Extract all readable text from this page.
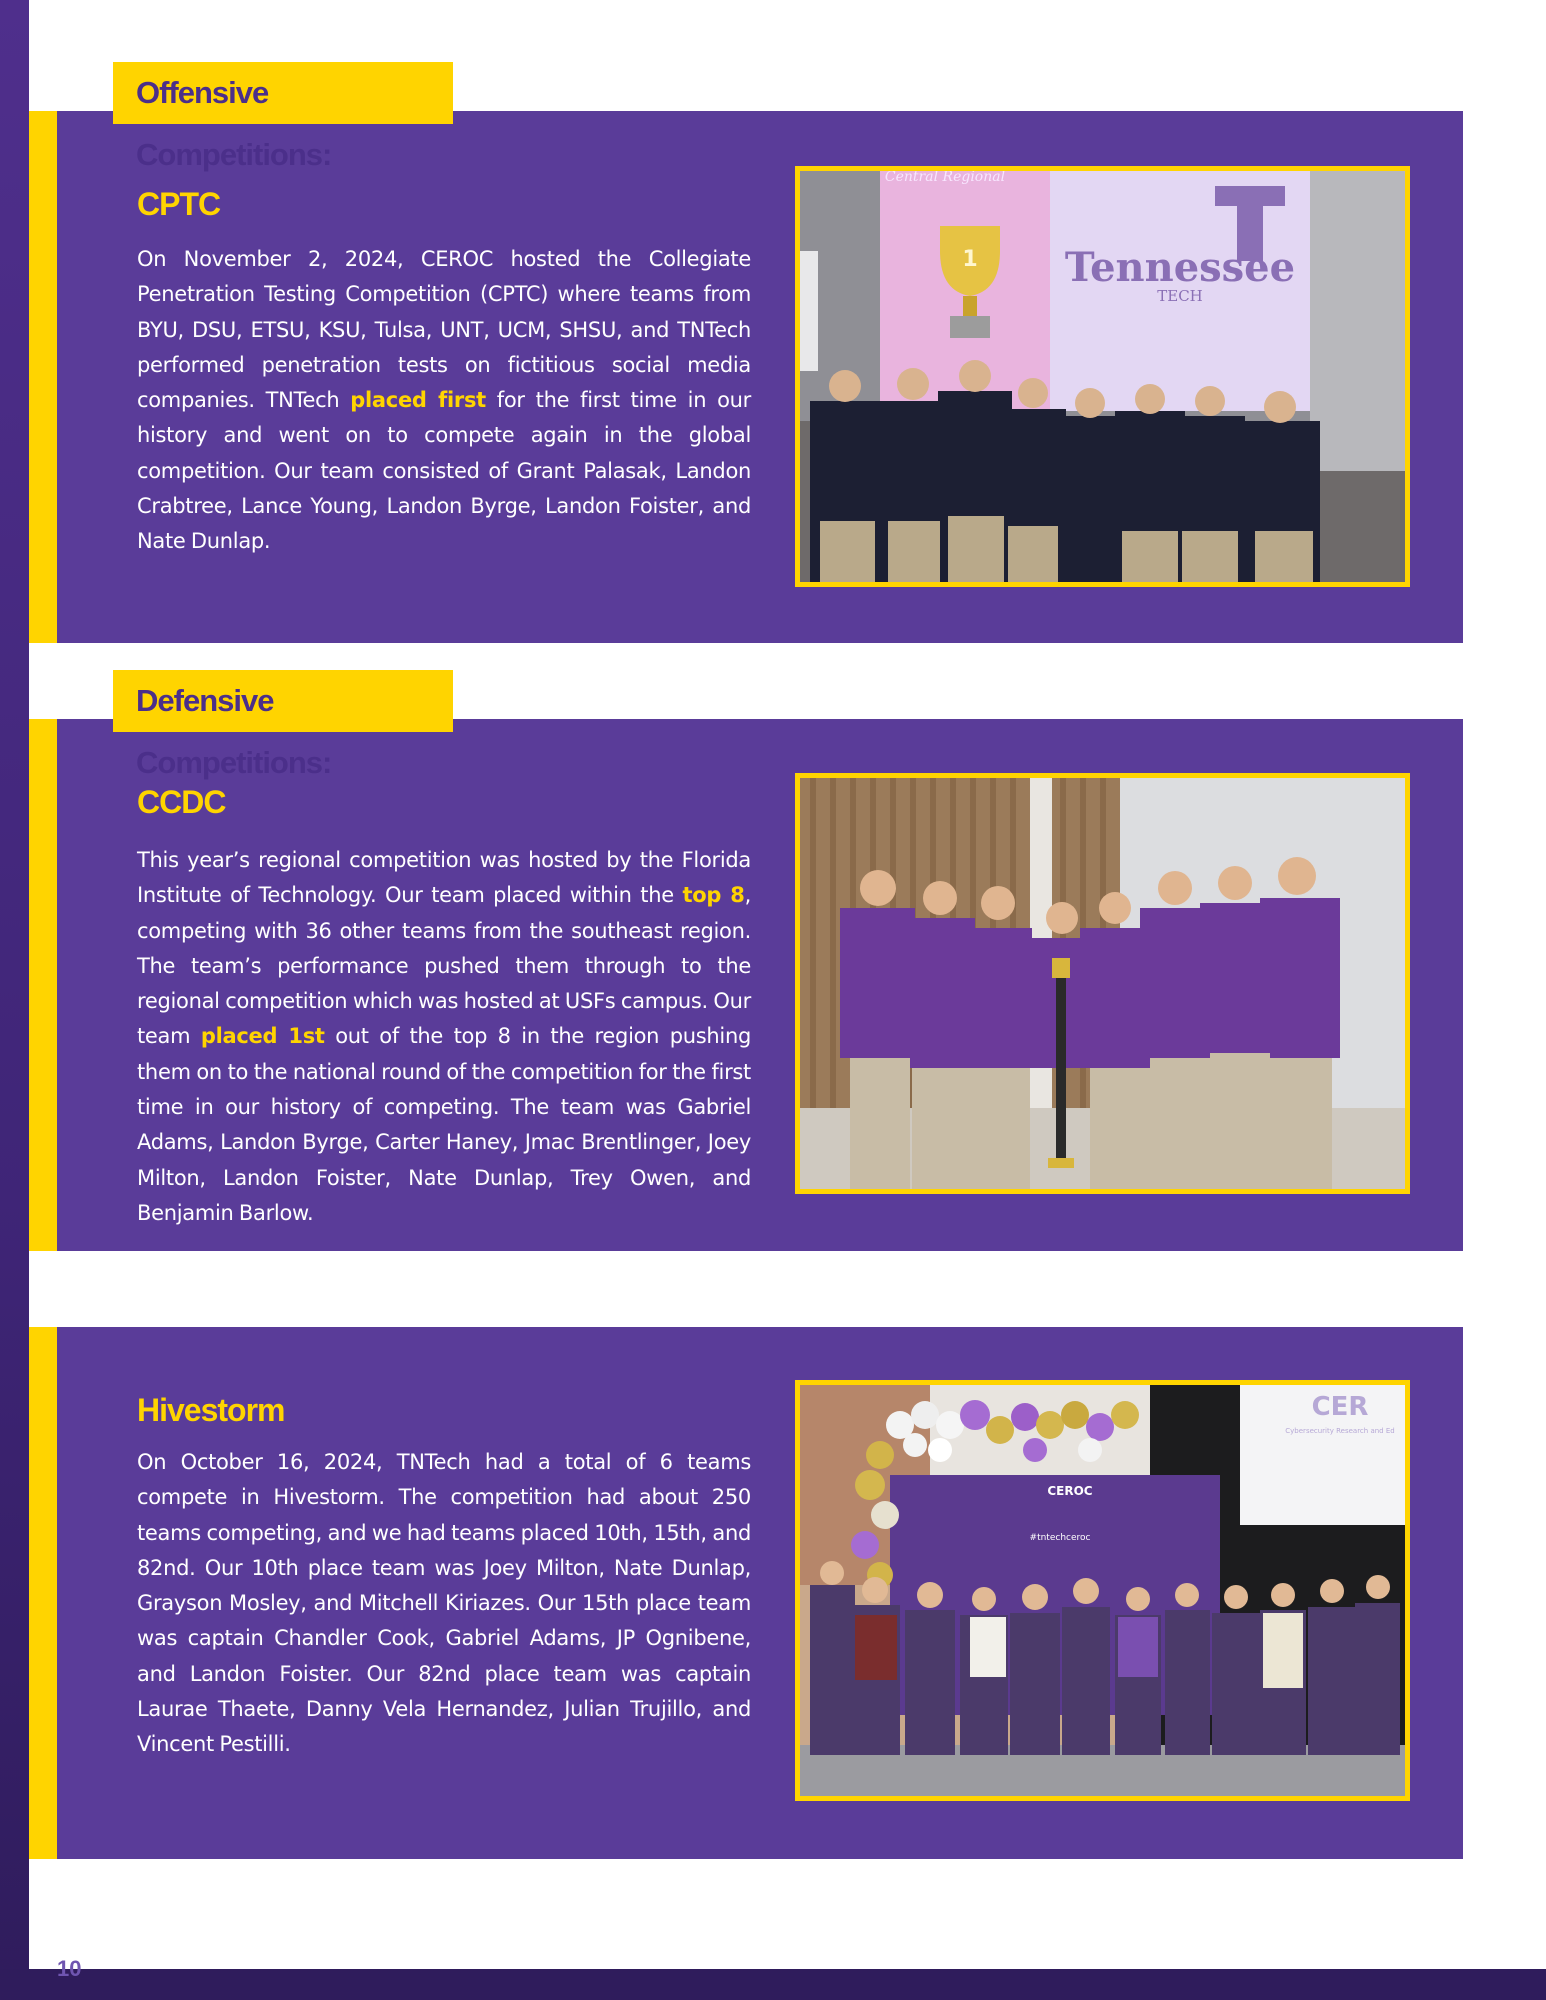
Offensive Competitions:
CPTC
On November 2, 2024, CEROC hosted the Collegiate Penetration Testing Competition (CPTC) where teams from BYU, DSU, ETSU, KSU, Tulsa, UNT, UCM, SHSU, and TNTech performed penetration tests on fictitious social media companies. TNTech placed first for the first time in our history and went on to compete again in the global competition. Our team consisted of Grant Palasak, Landon Crabtree, Lance Young, Landon Byrge, Landon Foister, and Nate Dunlap.
Central Regional
1 Tennessee
TECH
Defensive Competitions:
CCDC
This year’s regional competition was hosted by the Florida Institute of Technology. Our team placed within the top 8, competing with 36 other teams from the southeast region. The team’s performance pushed them through to the regional competition which was hosted at USFs campus. Our team placed 1st out of the top 8 in the region pushing them on to the national round of the competition for the first time in our history of competing. The team was Gabriel Adams, Landon Byrge, Carter Haney, Jmac Brentlinger, Joey Milton, Landon Foister, Nate Dunlap, Trey Owen, and Benjamin Barlow.
Hivestorm
On October 16, 2024, TNTech had a total of 6 teams compete in Hivestorm. The competition had about 250 teams competing, and we had teams placed 10th, 15th, and 82nd. Our 10th place team was Joey Milton, Nate Dunlap, Grayson Mosley, and Mitchell Kiriazes. Our 15th place team was captain Chandler Cook, Gabriel Adams, JP Ognibene, and Landon Foister. Our 82nd place team was captain Laurae Thaete, Danny Vela Hernandez, Julian Trujillo, and Vincent Pestilli.
CER
Cybersecurity Research and Ed
CEROC
#tntechceroc
10
